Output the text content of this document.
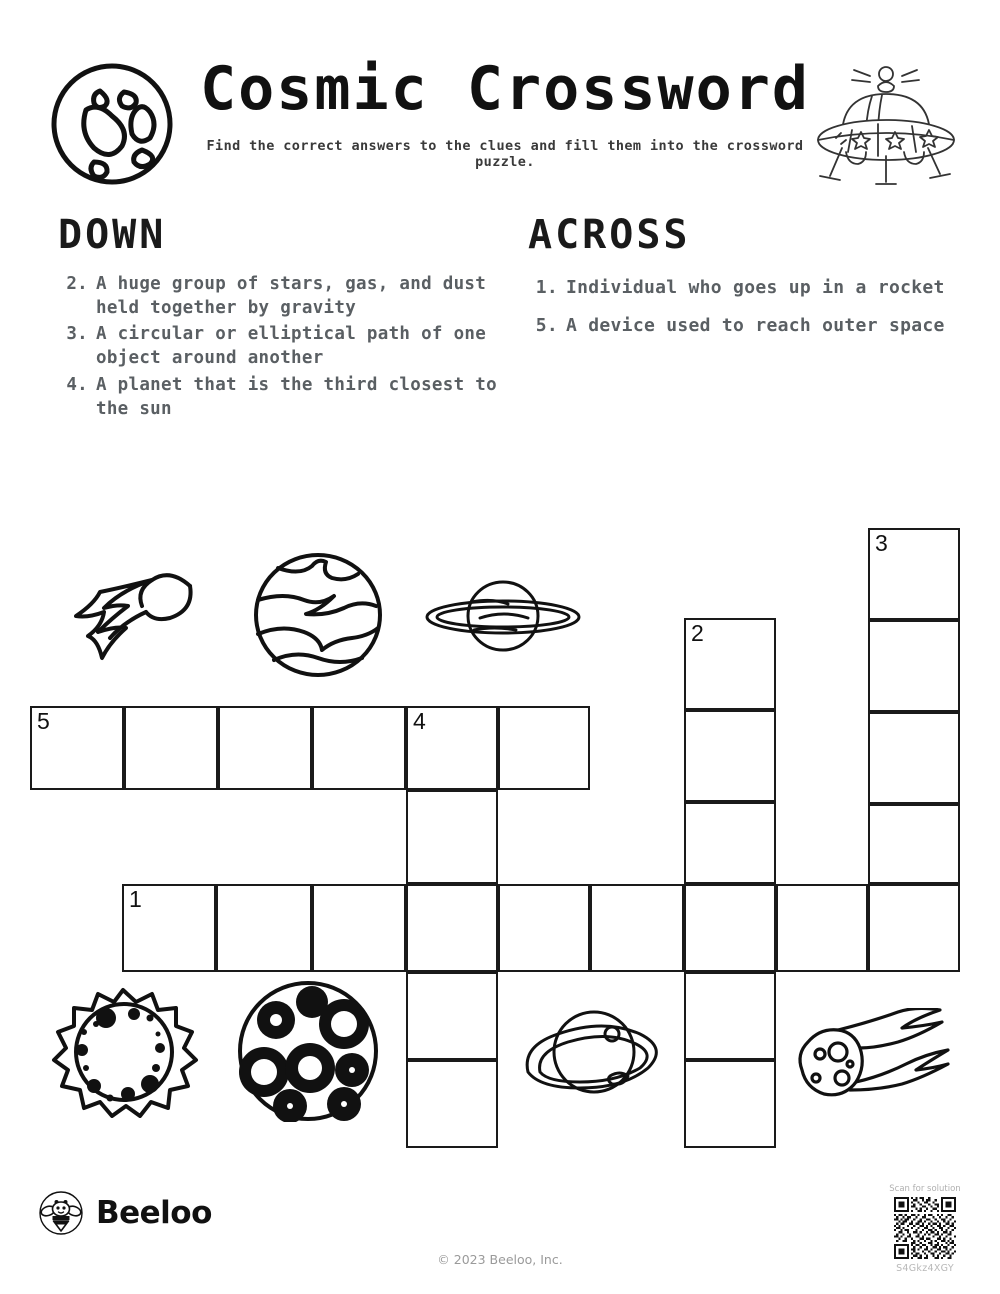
Cosmic Crossword
Find the correct answers to the clues and fill them into the crossword puzzle.
DOWN
2. A huge group of stars, gas, and dust held together by gravity
3. A circular or elliptical path of one object around another
4. A planet that is the third closest to the sun
ACROSS
1. Individual who goes up in a rocket
5. A device used to reach outer space
3
2
5	4
1
Beeloo
© 2023 Beeloo, Inc.
Scan for solution
S4Gkz4XGY
